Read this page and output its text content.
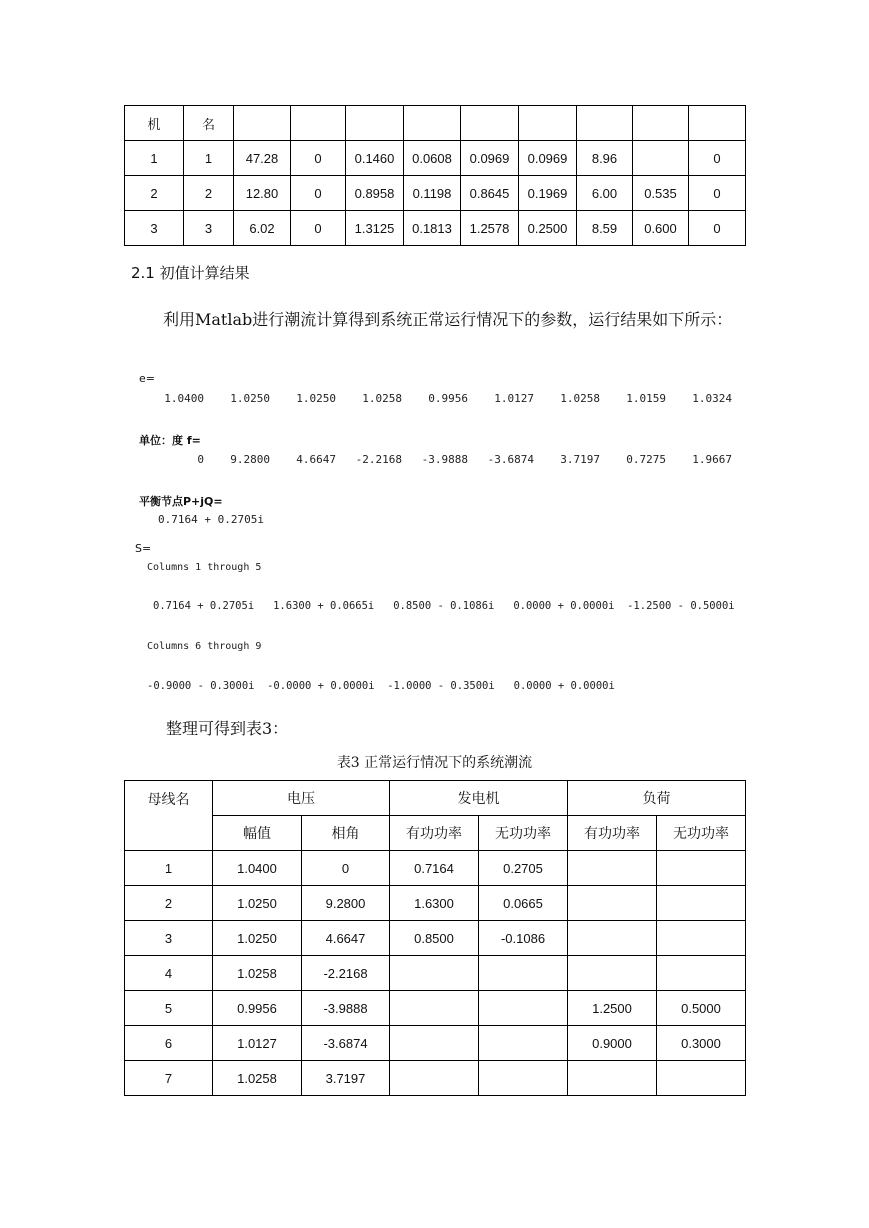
机	名									
1	1	47.28	0	0.1460	0.0608	0.0969	0.0969	8.96		0
2	2	12.80	0	0.8958	0.1198	0.8645	0.1969	6.00	0.535	0
3	3	6.02	0	1.3125	0.1813	1.2578	0.2500	8.59	0.600	0
2.1 初值计算结果
利用Matlab进行潮流计算得到系统正常运行情况下的参数，运行结果如下所示：
e=
1.0400	1.0250	1.0250	1.0258	0.9956	1.0127	1.0258	1.0159	1.0324
单位：度 f=
0	9.2800	4.6647	-2.2168	-3.9888	-3.6874	3.7197	0.7275	1.9667
平衡节点P+jQ=
0.7164 + 0.2705i
S=
Columns 1 through 5
0.7164 + 0.2705i   1.6300 + 0.0665i   0.8500 - 0.1086i   0.0000 + 0.0000i  -1.2500 - 0.5000i
Columns 6 through 9
-0.9000 - 0.3000i  -0.0000 + 0.0000i  -1.0000 - 0.3500i   0.0000 + 0.0000i
整理可得到表3：
表3 正常运行情况下的系统潮流
母线名	电压		发电机		负荷	
	幅值	相角	有功功率	无功功率	有功功率	无功功率
1	1.0400	0	0.7164	0.2705		
2	1.0250	9.2800	1.6300	0.0665		
3	1.0250	4.6647	0.8500	-0.1086		
4	1.0258	-2.2168				
5	0.9956	-3.9888			1.2500	0.5000
6	1.0127	-3.6874			0.9000	0.3000
7	1.0258	3.7197				
